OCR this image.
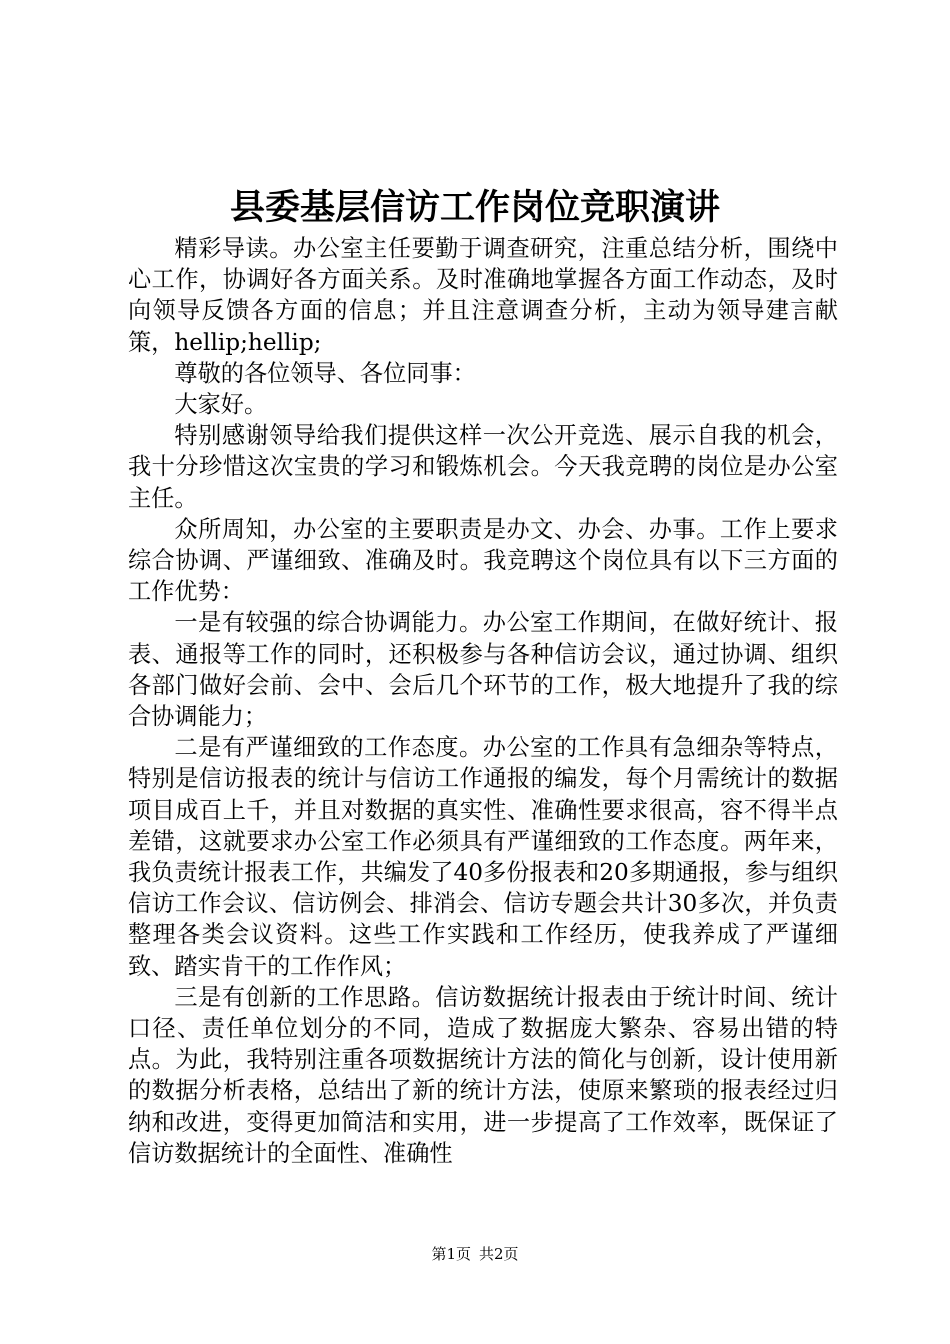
县委基层信访工作岗位竞职演讲

精彩导读。办公室主任要勤于调查研究，注重总结分析，围绕中心工作，协调好各方面关系。及时准确地掌握各方面工作动态，及时向领导反馈各方面的信息；并且注意调查分析，主动为领导建言献策，hellip;hellip;

尊敬的各位领导、各位同事：

大家好。

特别感谢领导给我们提供这样一次公开竞选、展示自我的机会，我十分珍惜这次宝贵的学习和锻炼机会。今天我竞聘的岗位是办公室主任。

众所周知，办公室的主要职责是办文、办会、办事。工作上要求综合协调、严谨细致、准确及时。我竞聘这个岗位具有以下三方面的工作优势：

一是有较强的综合协调能力。办公室工作期间，在做好统计、报表、通报等工作的同时，还积极参与各种信访会议，通过协调、组织各部门做好会前、会中、会后几个环节的工作，极大地提升了我的综合协调能力；

二是有严谨细致的工作态度。办公室的工作具有急细杂等特点，特别是信访报表的统计与信访工作通报的编发，每个月需统计的数据项目成百上千，并且对数据的真实性、准确性要求很高，容不得半点差错，这就要求办公室工作必须具有严谨细致的工作态度。两年来，我负责统计报表工作，共编发了40多份报表和20多期通报，参与组织信访工作会议、信访例会、排消会、信访专题会共计30多次，并负责整理各类会议资料。这些工作实践和工作经历，使我养成了严谨细致、踏实肯干的工作作风；

三是有创新的工作思路。信访数据统计报表由于统计时间、统计口径、责任单位划分的不同，造成了数据庞大繁杂、容易出错的特点。为此，我特别注重各项数据统计方法的简化与创新，设计使用新的数据分析表格，总结出了新的统计方法，使原来繁琐的报表经过归纳和改进，变得更加简洁和实用，进一步提高了工作效率，既保证了信访数据统计的全面性、准确性

第1页 共2页
